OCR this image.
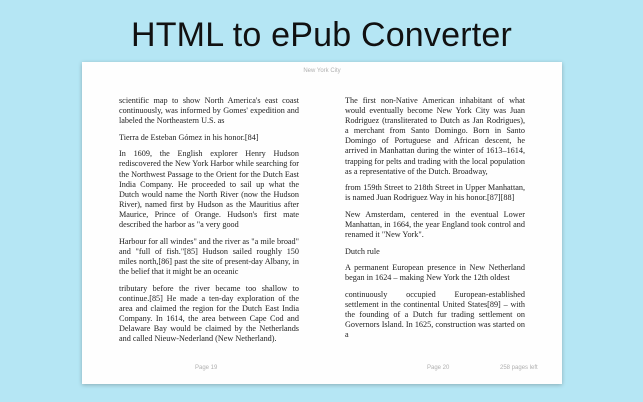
HTML to ePub Converter
New York City

scientific map to show North America's east coast continuously, was informed by Gomes' expedition and labeled the Northeastern U.S. as

Tierra de Esteban Gómez in his honor.[84]

In 1609, the English explorer Henry Hudson rediscovered the New York Harbor while searching for the Northwest Passage to the Orient for the Dutch East India Company. He proceeded to sail up what the Dutch would name the North River (now the Hudson River), named first by Hudson as the Mauritius after Maurice, Prince of Orange. Hudson's first mate described the harbor as "a very good

Harbour for all windes" and the river as "a mile broad" and "full of fish."[85] Hudson sailed roughly 150 miles north,[86] past the site of present-day Albany, in the belief that it might be an oceanic

tributary before the river became too shallow to continue.[85] He made a ten-day exploration of the area and claimed the region for the Dutch East India Company. In 1614, the area between Cape Cod and Delaware Bay would be claimed by the Netherlands and called Nieuw-Nederland (New Netherland).

The first non-Native American inhabitant of what would eventually become New York City was Juan Rodriguez (transliterated to Dutch as Jan Rodrigues), a merchant from Santo Domingo. Born in Santo Domingo of Portuguese and African descent, he arrived in Manhattan during the winter of 1613–1614, trapping for pelts and trading with the local population as a representative of the Dutch. Broadway,

from 159th Street to 218th Street in Upper Manhattan, is named Juan Rodriguez Way in his honor.[87][88]

New Amsterdam, centered in the eventual Lower Manhattan, in 1664, the year England took control and renamed it "New York".

Dutch rule

A permanent European presence in New Netherland began in 1624 – making New York the 12th oldest

continuously occupied European-established settlement in the continental United States[89] – with the founding of a Dutch fur trading settlement on Governors Island. In 1625, construction was started on a

Page 19	Page 20	258 pages left
